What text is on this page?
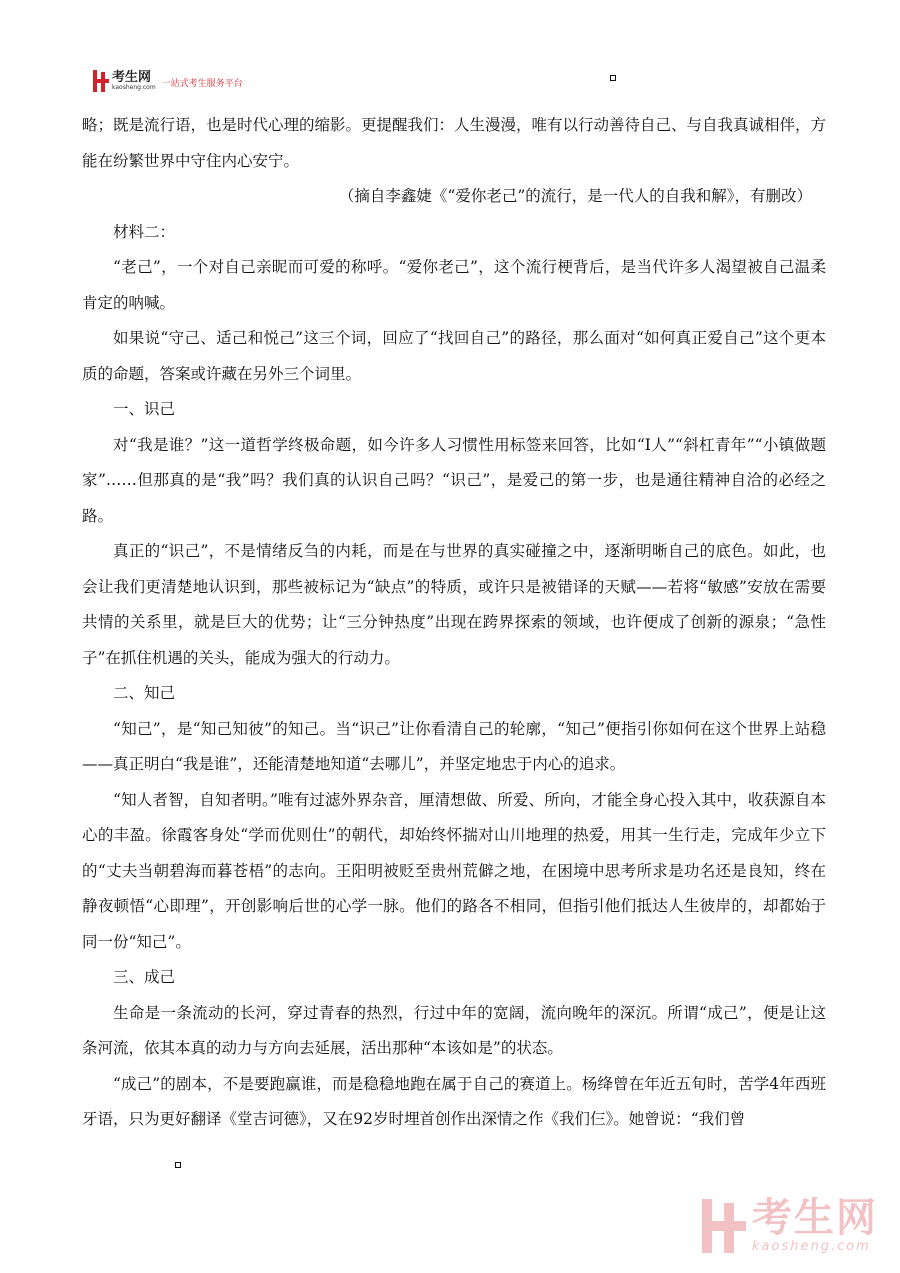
考生网
kaosheng.com 一站式考生服务平台

略；既是流行语，也是时代心理的缩影。更提醒我们：人生漫漫，唯有以行动善待自己、与自我真诚相伴，方能在纷繁世界中守住内心安宁。

（摘自李鑫婕《“爱你老己”的流行，是一代人的自我和解》，有删改）

材料二：

“老己”，一个对自己亲昵而可爱的称呼。“爱你老己”，这个流行梗背后，是当代许多人渴望被自己温柔肯定的呐喊。

如果说“守己、适己和悦己”这三个词，回应了“找回自己”的路径，那么面对“如何真正爱自己”这个更本质的命题，答案或许藏在另外三个词里。

一、识己

对“我是谁？”这一道哲学终极命题，如今许多人习惯性用标签来回答，比如“I人”“斜杠青年”“小镇做题家”……但那真的是“我”吗？我们真的认识自己吗？“识己”，是爱己的第一步，也是通往精神自洽的必经之路。

真正的“识己”，不是情绪反刍的内耗，而是在与世界的真实碰撞之中，逐渐明晰自己的底色。如此，也会让我们更清楚地认识到，那些被标记为“缺点”的特质，或许只是被错译的天赋——若将“敏感”安放在需要共情的关系里，就是巨大的优势；让“三分钟热度”出现在跨界探索的领域，也许便成了创新的源泉；“急性子”在抓住机遇的关头，能成为强大的行动力。

二、知己

“知己”，是“知己知彼”的知己。当“识己”让你看清自己的轮廓，“知己”便指引你如何在这个世界上站稳——真正明白“我是谁”，还能清楚地知道“去哪儿”，并坚定地忠于内心的追求。

“知人者智，自知者明。”唯有过滤外界杂音，厘清想做、所爱、所向，才能全身心投入其中，收获源自本心的丰盈。徐霞客身处“学而优则仕”的朝代，却始终怀揣对山川地理的热爱，用其一生行走，完成年少立下的“丈夫当朝碧海而暮苍梧”的志向。王阳明被贬至贵州荒僻之地，在困境中思考所求是功名还是良知，终在静夜顿悟“心即理”，开创影响后世的心学一脉。他们的路各不相同，但指引他们抵达人生彼岸的，却都始于同一份“知己”。

三、成己

生命是一条流动的长河，穿过青春的热烈，行过中年的宽阔，流向晚年的深沉。所谓“成己”，便是让这条河流，依其本真的动力与方向去延展，活出那种“本该如是”的状态。

“成己”的剧本，不是要跑赢谁，而是稳稳地跑在属于自己的赛道上。杨绛曾在年近五旬时，苦学4年西班牙语，只为更好翻译《堂吉诃德》，又在92岁时埋首创作出深情之作《我们仨》。她曾说：“我们曾

考生网
kaosheng.com
